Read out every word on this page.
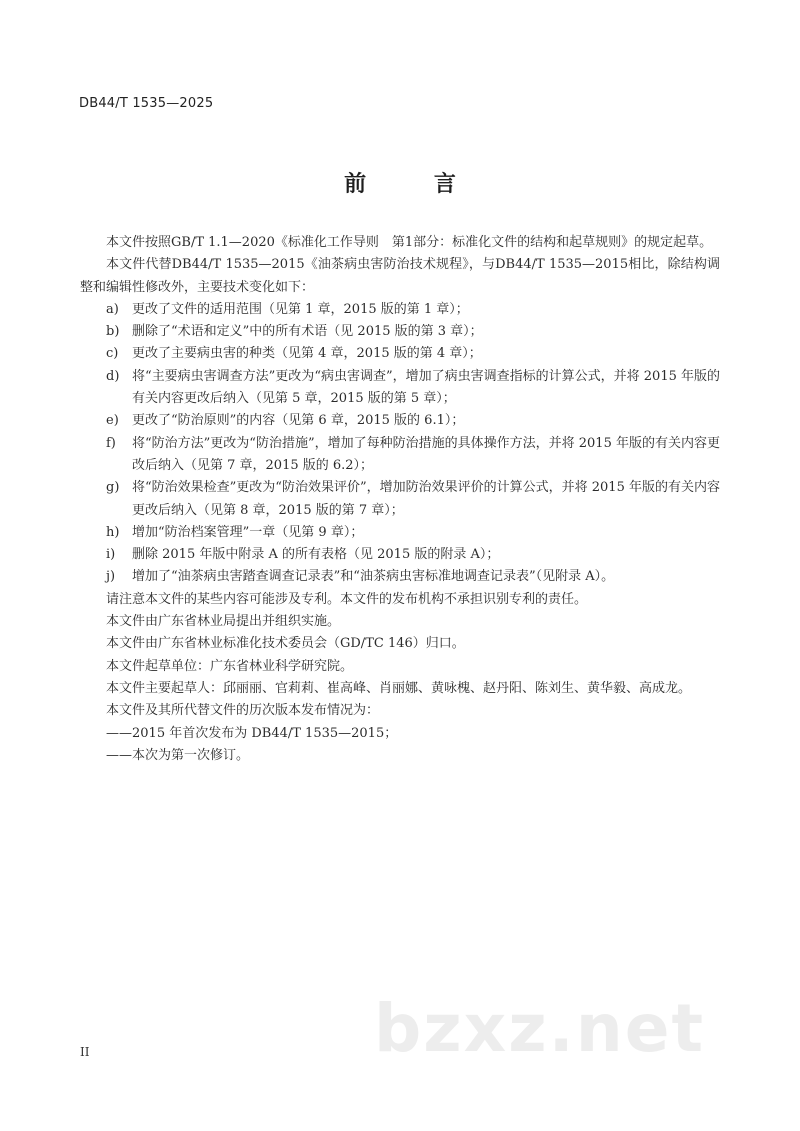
DB44/T 1535—2025
前 言

本文件按照GB/T 1.1—2020《标准化工作导则　第1部分：标准化文件的结构和起草规则》的规定起草。

本文件代替DB44/T 1535—2015《油茶病虫害防治技术规程》，与DB44/T 1535—2015相比，除结构调整和编辑性修改外，主要技术变化如下：

a)	更改了文件的适用范围（见第 1 章，2015 版的第 1 章）；
b) 删除了“术语和定义”中的所有术语（见 2015 版的第 3 章）；
c)	更改了主要病虫害的种类（见第 4 章，2015 版的第 4 章）；
d) 将“主要病虫害调查方法”更改为“病虫害调查”，增加了病虫害调查指标的计算公式，并将 2015 年版的有关内容更改后纳入（见第 5 章，2015 版的第 5 章）；
e)	更改了“防治原则”的内容（见第 6 章，2015 版的 6.1）；
f)	将“防治方法”更改为“防治措施”，增加了每种防治措施的具体操作方法，并将 2015 年版的有关内容更改后纳入（见第 7 章，2015 版的 6.2）；
g) 将“防治效果检查”更改为“防治效果评价”，增加防治效果评价的计算公式，并将 2015 年版的有关内容更改后纳入（见第 8 章，2015 版的第 7 章）；
h) 增加“防治档案管理”一章（见第 9 章）；
i)	删除 2015 年版中附录 A 的所有表格（见 2015 版的附录 A）；
j)	增加了“油茶病虫害踏查调查记录表”和“油茶病虫害标准地调查记录表”（见附录 A）。

请注意本文件的某些内容可能涉及专利。本文件的发布机构不承担识别专利的责任。

本文件由广东省林业局提出并组织实施。

本文件由广东省林业标准化技术委员会（GD/TC 146）归口。

本文件起草单位：广东省林业科学研究院。

本文件主要起草人：邱丽丽、官莉莉、崔高峰、肖丽娜、黄咏槐、赵丹阳、陈刘生、黄华毅、高成龙。

本文件及其所代替文件的历次版本发布情况为：

——2015 年首次发布为 DB44/T 1535—2015；

——本次为第一次修订。

bzxz.net
II
